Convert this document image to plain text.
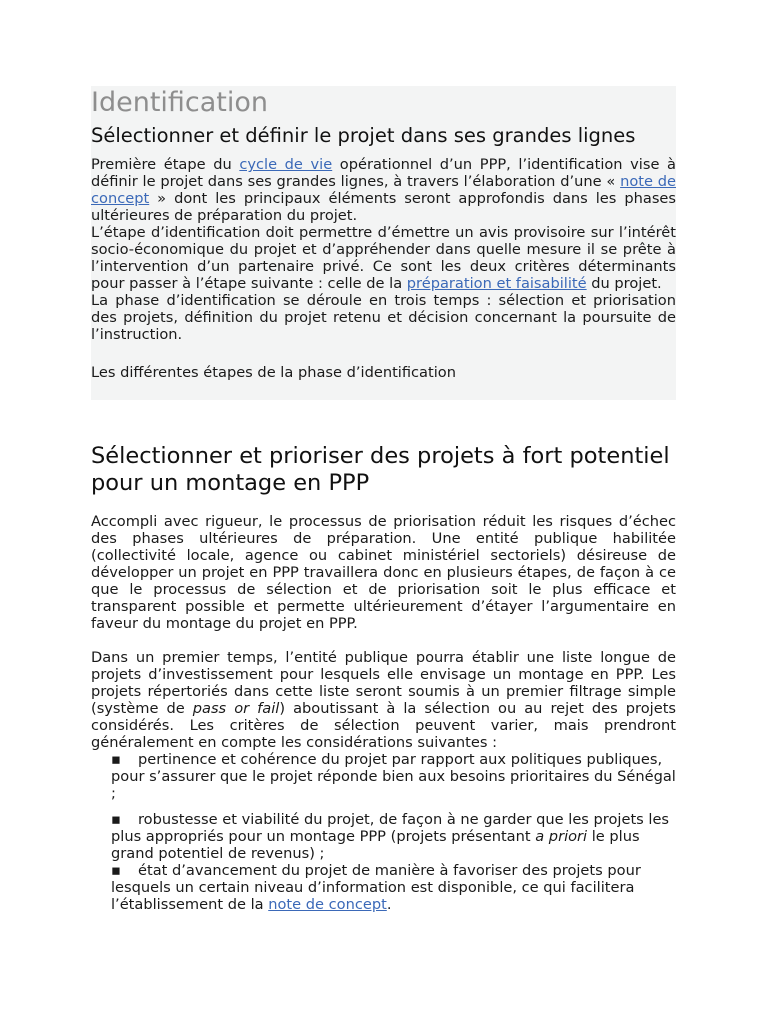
Identification
Sélectionner et définir le projet dans ses grandes lignes

Première étape du cycle de vie opérationnel d’un PPP, l’identification vise à définir le projet dans ses grandes lignes, à travers l’élaboration d’une « note de concept » dont les principaux éléments seront approfondis dans les phases ultérieures de préparation du projet.

L’étape d’identification doit permettre d’émettre un avis provisoire sur l’intérêt socio-économique du projet et d’appréhender dans quelle mesure il se prête à l’intervention d’un partenaire privé. Ce sont les deux critères déterminants pour passer à l’étape suivante : celle de la préparation et faisabilité du projet.

La phase d’identification se déroule en trois temps : sélection et priorisation des projets, définition du projet retenu et décision concernant la poursuite de l’instruction.

Les différentes étapes de la phase d’identification
Sélectionner et prioriser des projets à fort potentiel pour un montage en PPP

Accompli avec rigueur, le processus de priorisation réduit les risques d’échec des phases ultérieures de préparation. Une entité publique habilitée (collectivité locale, agence ou cabinet ministériel sectoriels) désireuse de développer un projet en PPP travaillera donc en plusieurs étapes, de façon à ce que le processus de sélection et de priorisation soit le plus efficace et transparent possible et permette ultérieurement d’étayer l’argumentaire en faveur du montage du projet en PPP.

Dans un premier temps, l’entité publique pourra établir une liste longue de projets d’investissement pour lesquels elle envisage un montage en PPP. Les projets répertoriés dans cette liste seront soumis à un premier filtrage simple (système de pass or fail) aboutissant à la sélection ou au rejet des projets considérés. Les critères de sélection peuvent varier, mais prendront généralement en compte les considérations suivantes :

▪ pertinence et cohérence du projet par rapport aux politiques publiques, pour s’assurer que le projet réponde bien aux besoins prioritaires du Sénégal ;
▪ robustesse et viabilité du projet, de façon à ne garder que les projets les plus appropriés pour un montage PPP (projets présentant a priori le plus grand potentiel de revenus) ;
▪ état d’avancement du projet de manière à favoriser des projets pour lesquels un certain niveau d’information est disponible, ce qui facilitera l’établissement de la note de concept.
